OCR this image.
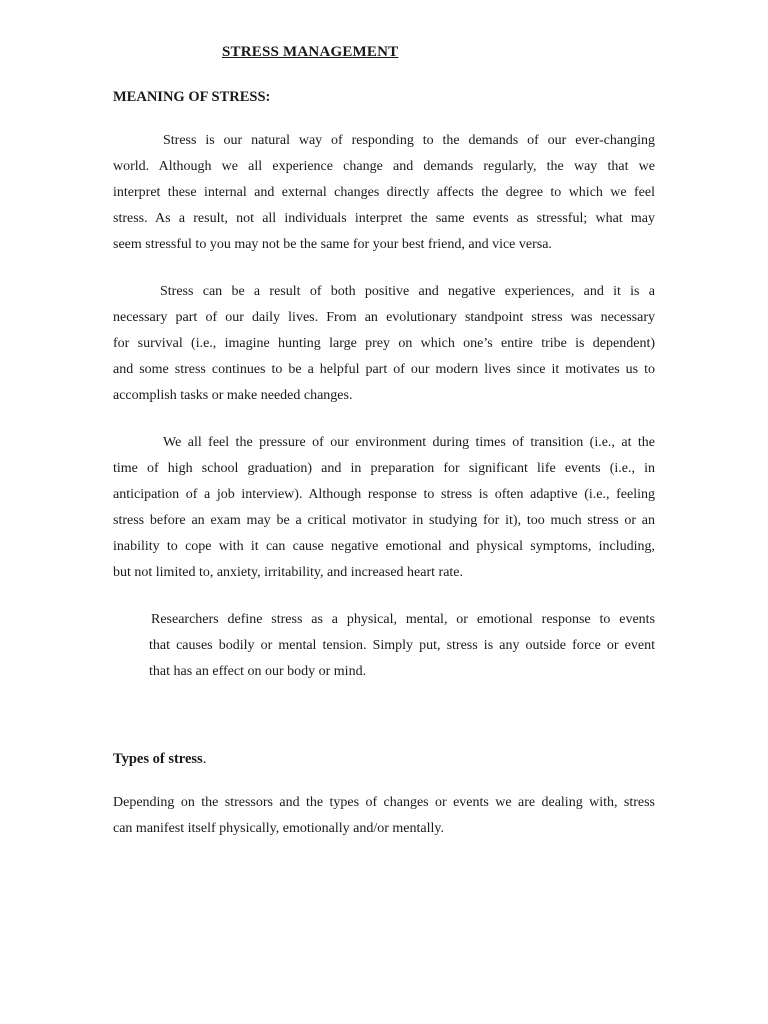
STRESS MANAGEMENT
MEANING OF STRESS:
Stress is our natural way of responding to the demands of our ever-changing
world. Although we all experience change and demands regularly, the way that we
interpret these internal and external changes directly affects the degree to which we feel
stress. As a result, not all individuals interpret the same events as stressful; what may
seem stressful to you may not be the same for your best friend, and vice versa.
Stress can be a result of both positive and negative experiences, and it is a
necessary part of our daily lives. From an evolutionary standpoint stress was necessary
for survival (i.e., imagine hunting large prey on which one’s entire tribe is dependent)
and some stress continues to be a helpful part of our modern lives since it motivates us to
accomplish tasks or make needed changes.
We all feel the pressure of our environment during times of transition (i.e., at the
time of high school graduation) and in preparation for significant life events (i.e., in
anticipation of a job interview). Although response to stress is often adaptive (i.e., feeling
stress before an exam may be a critical motivator in studying for it), too much stress or an
inability to cope with it can cause negative emotional and physical symptoms, including,
but not limited to, anxiety, irritability, and increased heart rate.
Researchers define stress as a physical, mental, or emotional response to events
that causes bodily or mental tension. Simply put, stress is any outside force or event
that has an effect on our body or mind.
Types of stress.
Depending on the stressors and the types of changes or events we are dealing with, stress
can manifest itself physically, emotionally and/or mentally.
